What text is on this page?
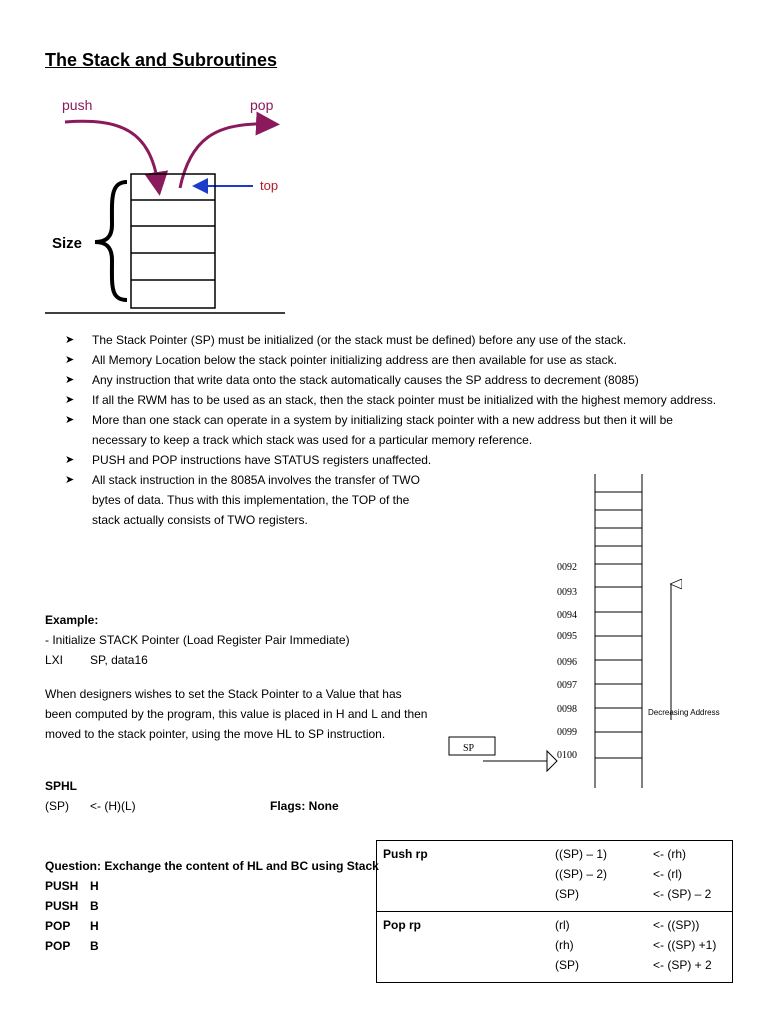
The Stack and Subroutines
push	pop
top
Size
➤ The Stack Pointer (SP) must be initialized (or the stack must be defined) before any use of the stack.
➤ All Memory Location below the stack pointer initializing address are then available for use as stack.
➤ Any instruction that write data onto the stack automatically causes the SP address to decrement (8085)
➤ If all the RWM has to be used as an stack, then the stack pointer must be initialized with the highest memory address.
➤ More than one stack can operate in a system by initializing stack pointer with a new address but then it will be necessary to keep a track which stack was used for a particular memory reference.
➤ PUSH and POP instructions have STATUS registers unaffected.
➤ All stack instruction in the 8085A involves the transfer of TWO bytes of data. Thus with this implementation, the TOP of the stack actually consists of TWO registers.
0092
0093
0094
0095
0096
0097
0098
0099
0100
SP
Decreasing Address
Example:
- Initialize STACK Pointer (Load Register Pair Immediate)
LXI SP, data16
When designers wishes to set the Stack Pointer to a Value that has been computed by the program, this value is placed in H and L and then moved to the stack pointer, using the move HL to SP instruction.
SPHL
(SP) <- (H)(L)	Flags: None
Question: Exchange the content of HL and BC using Stack
PUSH H
PUSH B
POP H
POP B
Push rp	((SP) – 1)	<- (rh)
	((SP) – 2)	<- (rl)
	(SP)	<- (SP) – 2
Pop rp	(rl)	<- ((SP))
	(rh)	<- ((SP) +1)
	(SP)	<- (SP) + 2
